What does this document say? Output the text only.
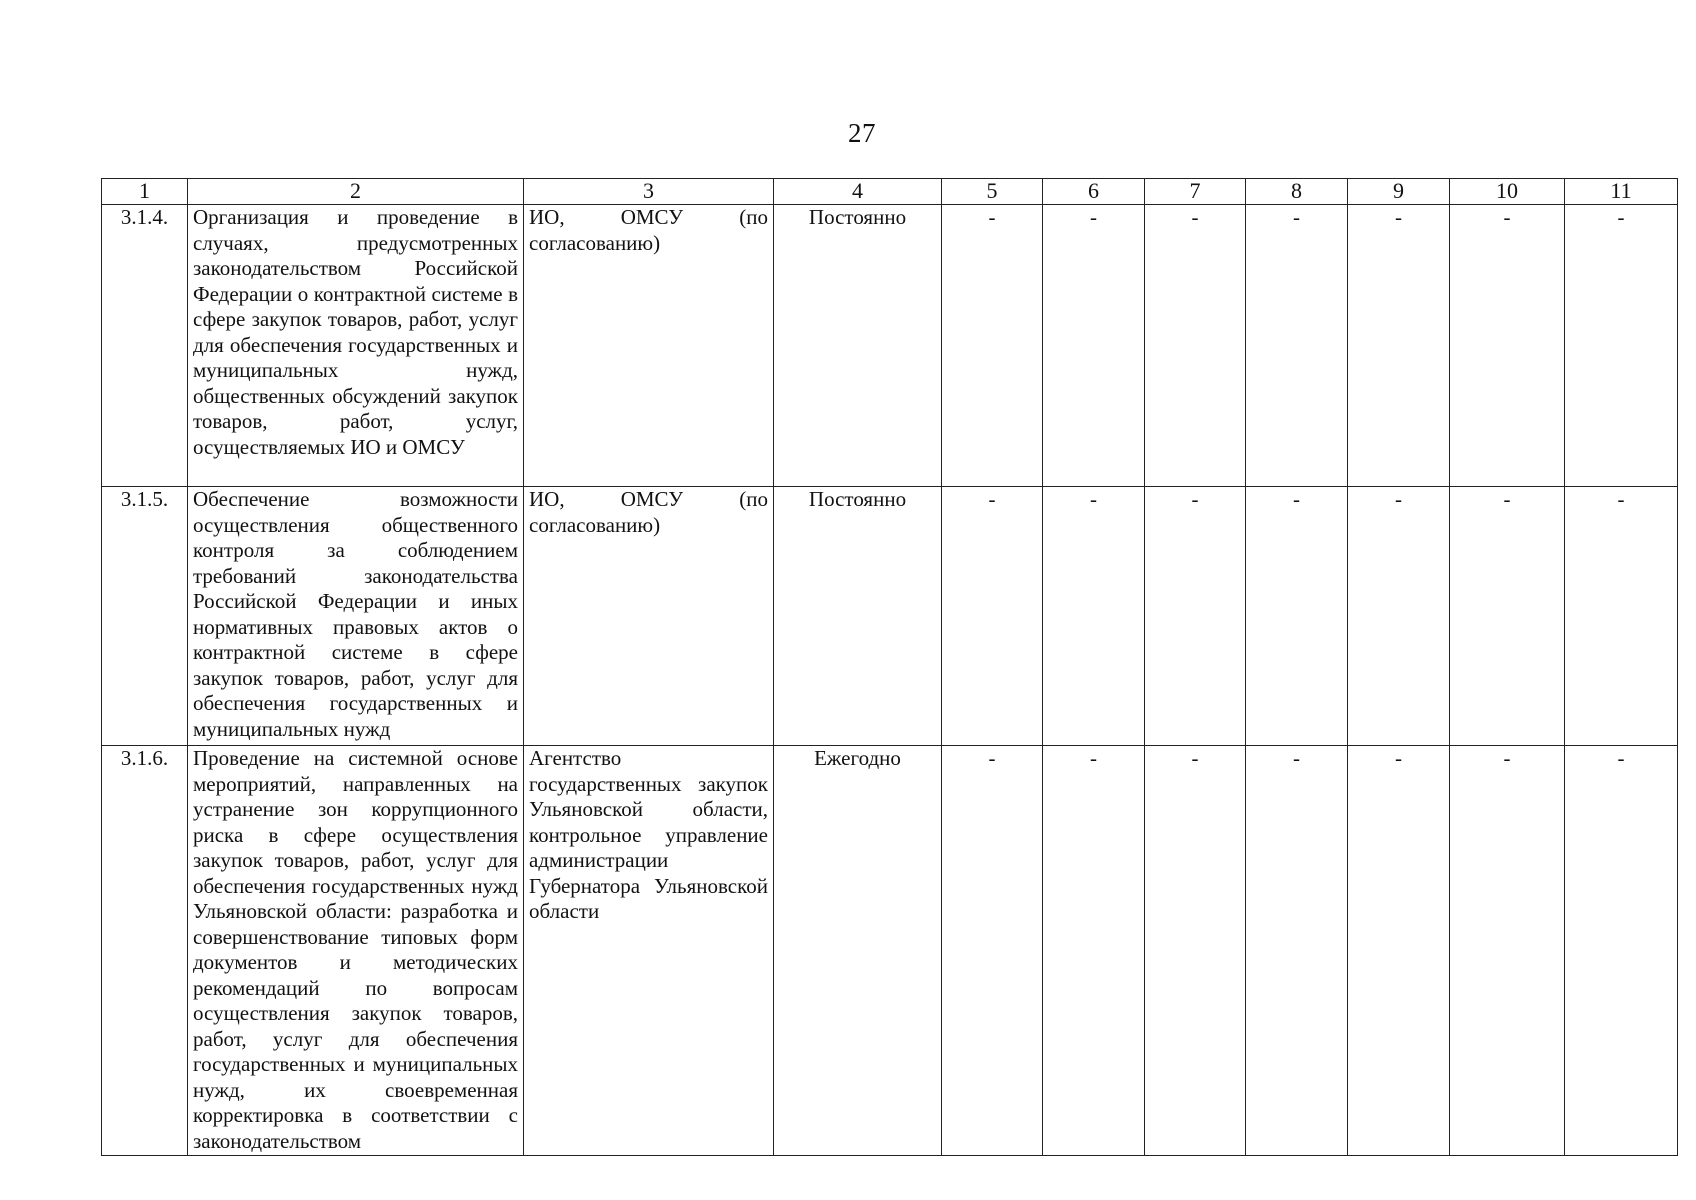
27
1	2	3	4	5	6	7	8	9	10	11
3.1.4.	Организация и проведение в случаях, предусмотренных законодательством Российской Федерации о контрактной системе в сфере закупок товаров, работ, услуг для обеспечения государственных и муниципальных нужд, общественных обсуждений закупок товаров, работ, услуг, осуществляемых ИО и ОМСУ	ИО, ОМСУ (по согласованию)	Постоянно	-	-	-	-	-	-	-
3.1.5.	Обеспечение возможности осуществления общественного контроля за соблюдением требований законодательства Российской Федерации и иных нормативных правовых актов о контрактной системе в сфере закупок товаров, работ, услуг для обеспечения государственных и муниципальных нужд	ИО, ОМСУ (по согласованию)	Постоянно	-	-	-	-	-	-	-
3.1.6.	Проведение на системной основе мероприятий, направленных на устранение зон коррупционного риска в сфере осуществления закупок товаров, работ, услуг для обеспечения государственных нужд Ульяновской области: разработка и совершенствование типовых форм документов и методических рекомендаций по вопросам осуществления закупок товаров, работ, услуг для обеспечения государственных и муниципальных нужд, их своевременная корректировка в соответствии с законодательством	Агентство государственных закупок Ульяновской области, контрольное управление администрации Губернатора Ульяновской области	Ежегодно	-	-	-	-	-	-	-
